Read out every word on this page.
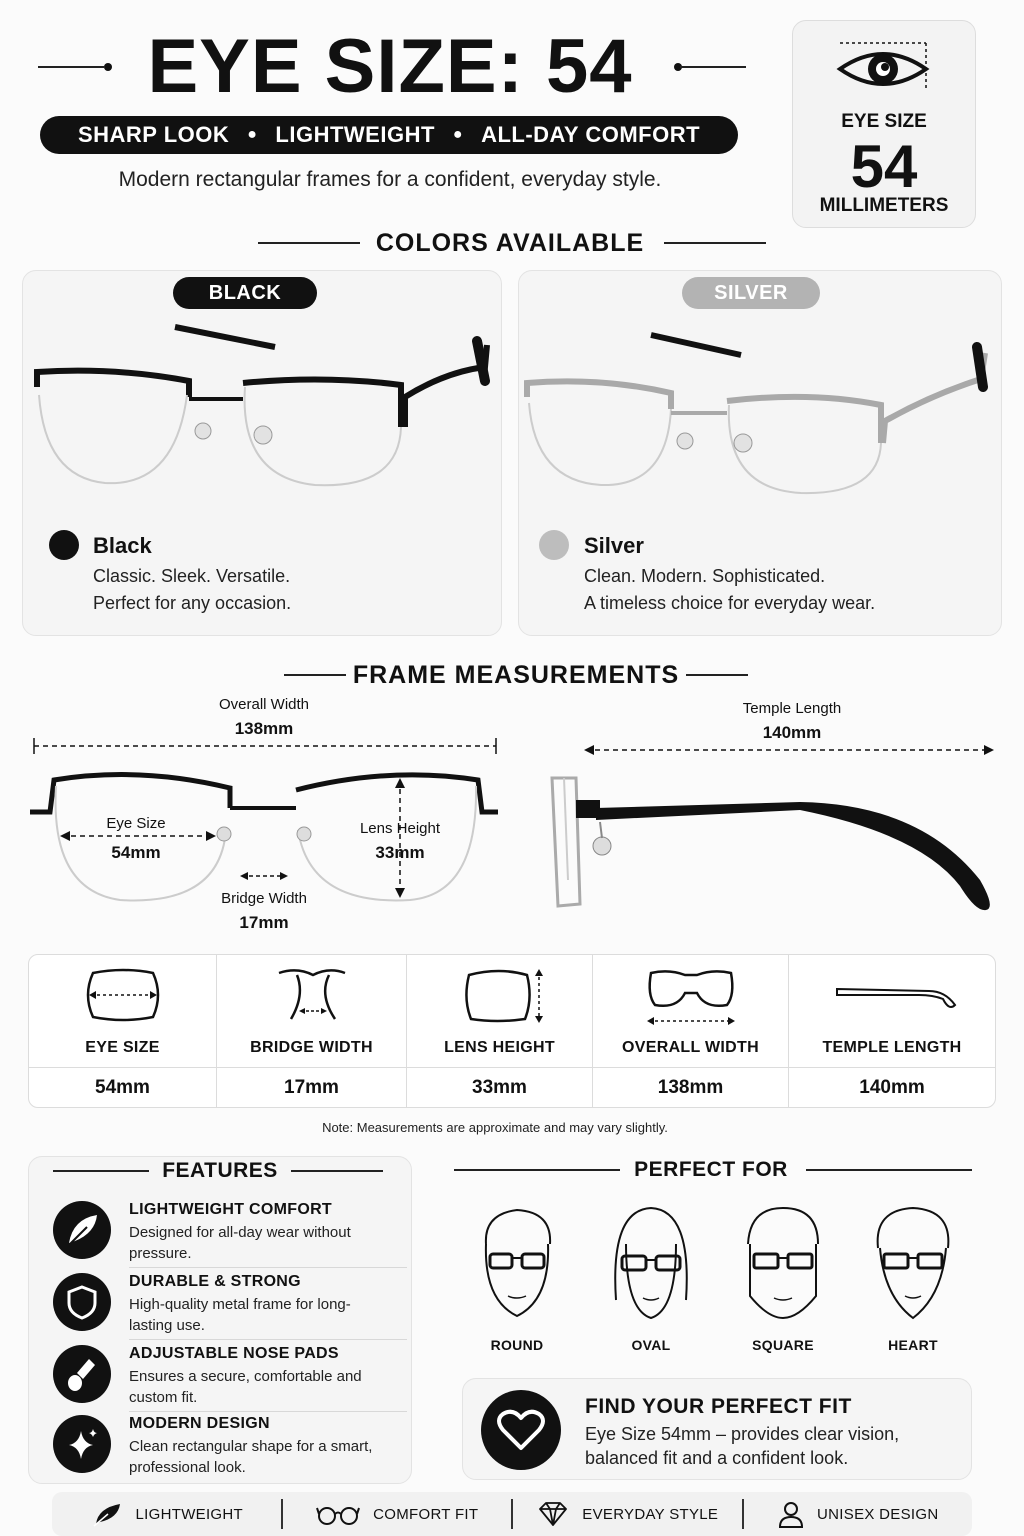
EYE SIZE: 54
SHARP LOOK ● LIGHTWEIGHT ● ALL-DAY COMFORT
Modern rectangular frames for a confident, everyday style.
EYE SIZE
54
MILLIMETERS
COLORS AVAILABLE
BLACK
Black
Classic. Sleek. Versatile.
Perfect for any occasion.
SILVER
Silver
Clean. Modern. Sophisticated.
A timeless choice for everyday wear.
FRAME MEASUREMENTS
Overall Width
138mm
Temple Length
140mm
Eye Size
54mm
Lens Height
33mm
Bridge Width
17mm
EYE SIZE
54mm
BRIDGE WIDTH
17mm
LENS HEIGHT
33mm
OVERALL WIDTH
138mm
TEMPLE LENGTH
140mm
Note: Measurements are approximate and may vary slightly.
FEATURES
LIGHTWEIGHT COMFORT
Designed for all-day wear without pressure.
DURABLE & STRONG
High-quality metal frame for long-lasting use.
ADJUSTABLE NOSE PADS
Ensures a secure, comfortable and custom fit.
MODERN DESIGN
Clean rectangular shape for a smart, professional look.
PERFECT FOR
ROUND	OVAL	SQUARE	HEART
FIND YOUR PERFECT FIT
Eye Size 54mm – provides clear vision,
balanced fit and a confident look.
LIGHTWEIGHT	COMFORT FIT	EVERYDAY STYLE	UNISEX DESIGN
